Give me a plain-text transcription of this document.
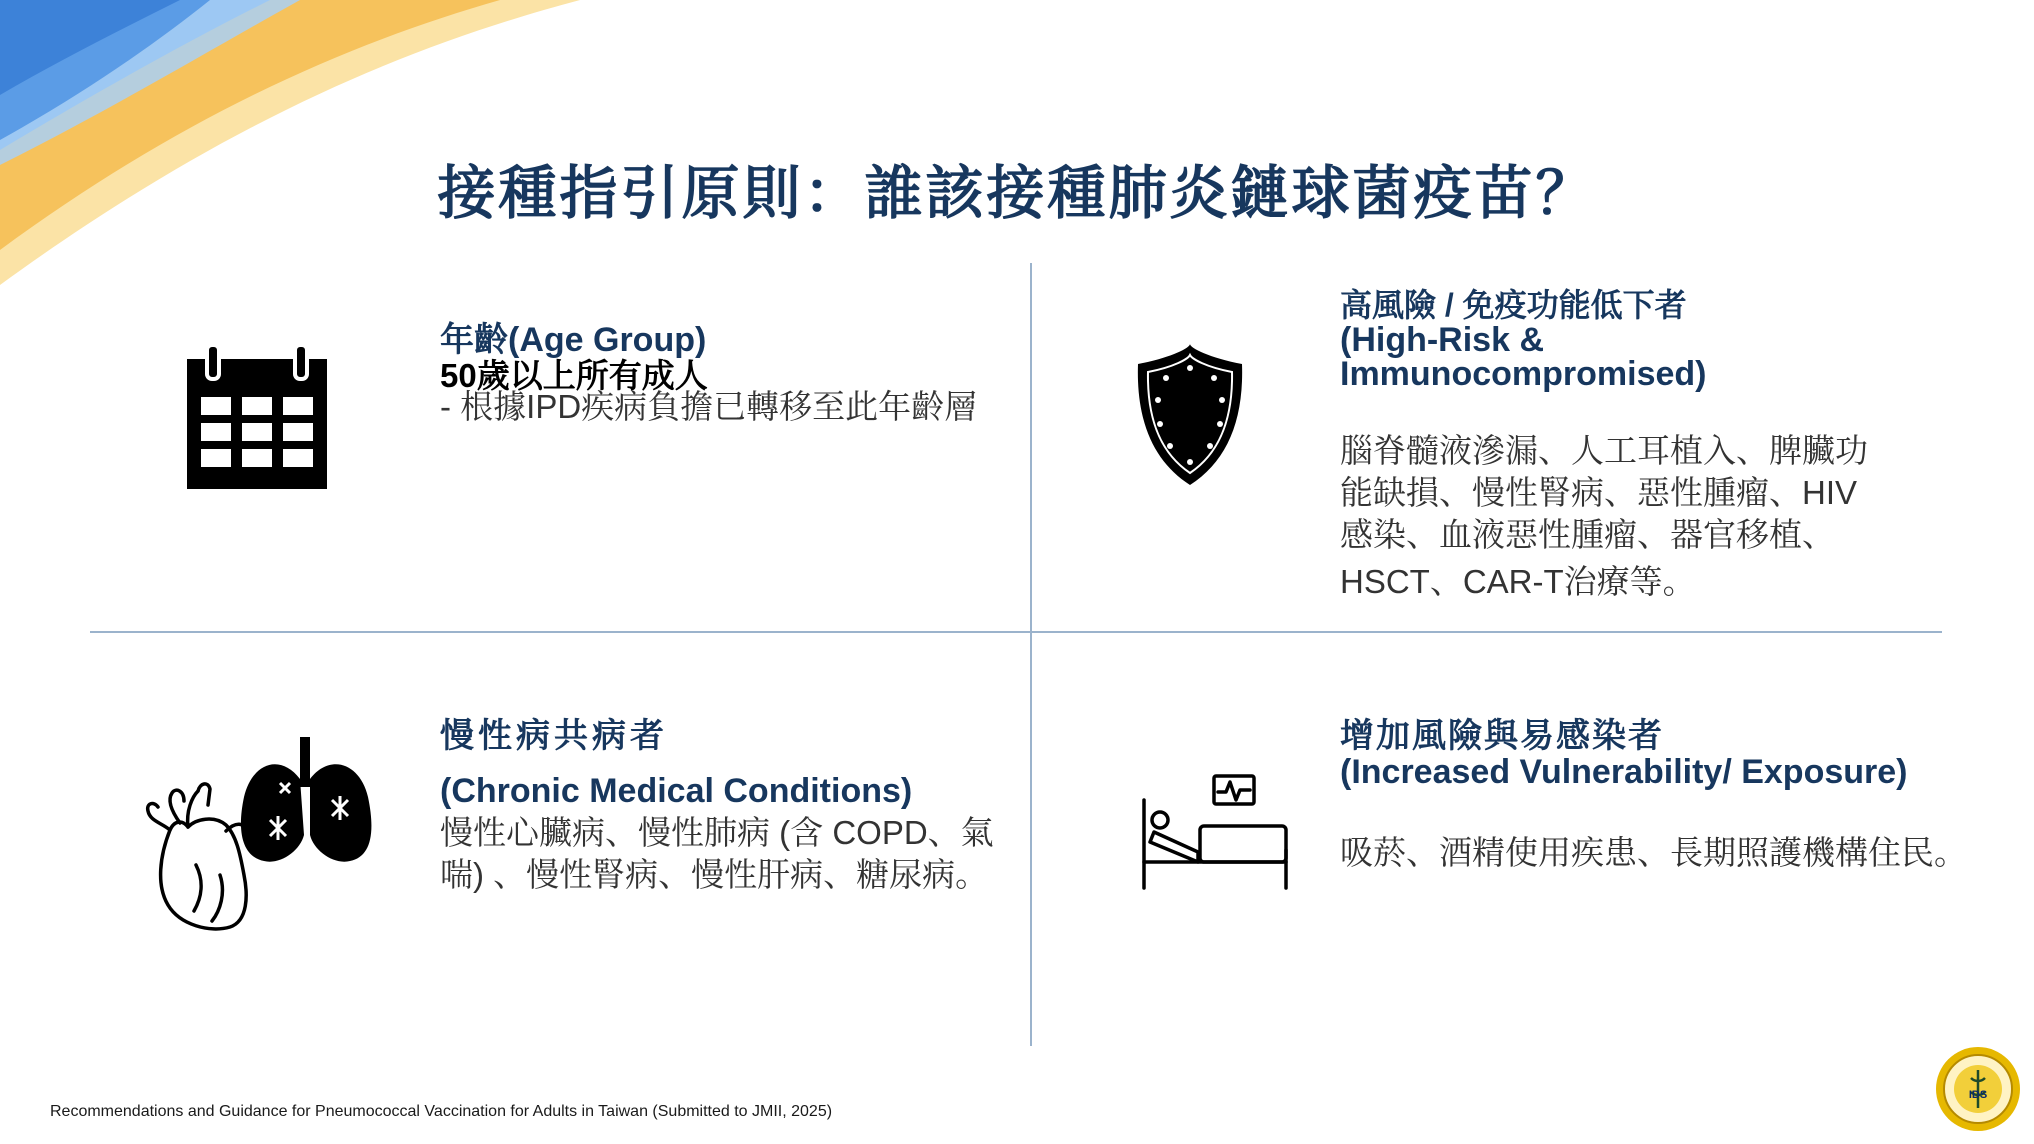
接種指引原則：誰該接種肺炎鏈球菌疫苗？
年齡(Age Group)
50歲以上所有成人
- 根據IPD疾病負擔已轉移至此年齡層
高風險 / 免疫功能低下者
(High-Risk &
Immunocompromised)
腦脊髓液滲漏、人工耳植入、脾臟功
能缺損、慢性腎病、惡性腫瘤、HIV
感染、血液惡性腫瘤、器官移植、
HSCT、CAR-T治療等。
慢性病共病者
(Chronic Medical Conditions)
慢性心臟病、慢性肺病 (含 COPD、氣
喘) 、慢性腎病、慢性肝病、糖尿病。
增加風險與易感染者
(Increased Vulnerability/ Exposure)
吸菸、酒精使用疾患、長期照護機構住民。
Recommendations and Guidance for Pneumococcal Vaccination for Adults in Taiwan (Submitted to JMII, 2025)
IDS
